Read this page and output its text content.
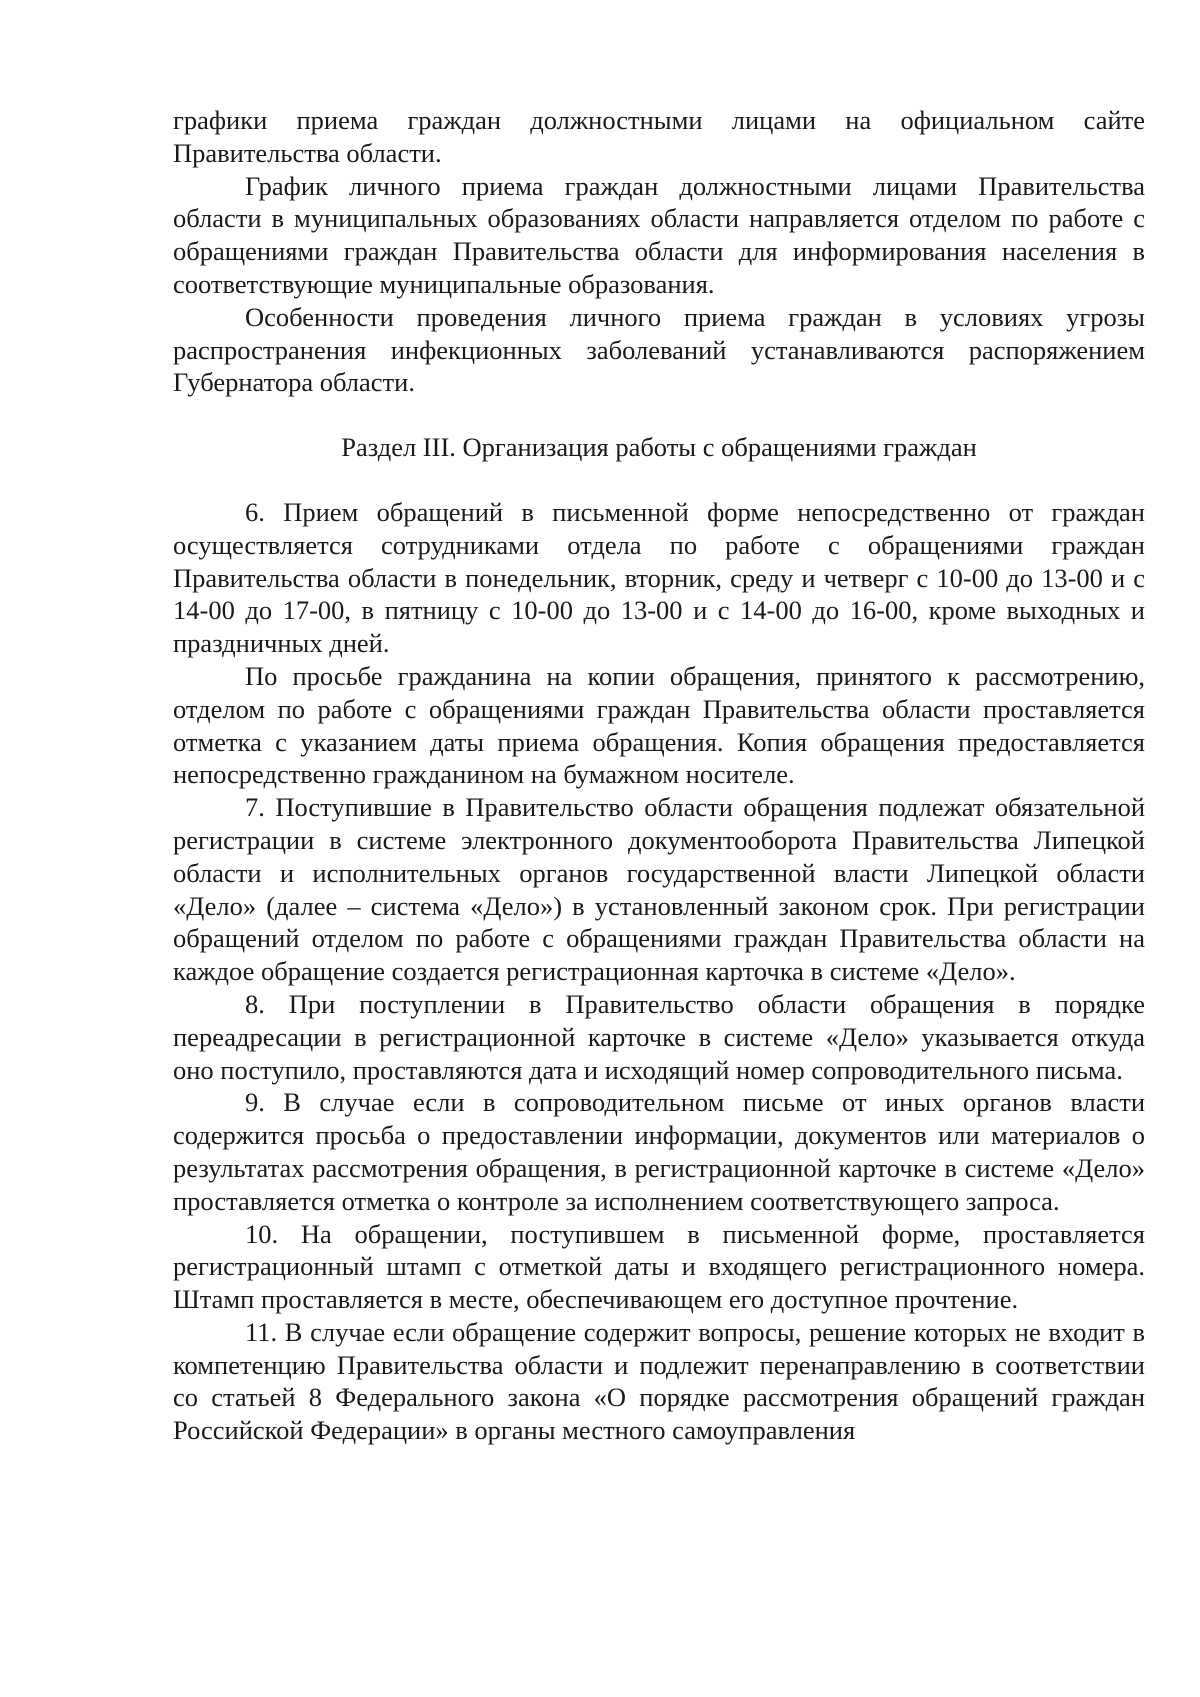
графики приема граждан должностными лицами на официальном сайте Правительства области.

График личного приема граждан должностными лицами Правительства области в муниципальных образованиях области направляется отделом по работе с обращениями граждан Правительства области для информирования населения в соответствующие муниципальные образования.

Особенности проведения личного приема граждан в условиях угрозы распространения инфекционных заболеваний устанавливаются распоряжением Губернатора области.

Раздел III. Организация работы с обращениями граждан

6. Прием обращений в письменной форме непосредственно от граждан осуществляется сотрудниками отдела по работе с обращениями граждан Правительства области в понедельник, вторник, среду и четверг с 10-00 до 13-00 и с 14-00 до 17-00, в пятницу с 10-00 до 13-00 и с 14-00 до 16-00, кроме выходных и праздничных дней.

По просьбе гражданина на копии обращения, принятого к рассмотрению, отделом по работе с обращениями граждан Правительства области проставляется отметка с указанием даты приема обращения. Копия обращения предоставляется непосредственно гражданином на бумажном носителе.

7. Поступившие в Правительство области обращения подлежат обязательной регистрации в системе электронного документооборота Правительства Липецкой области и исполнительных органов государственной власти Липецкой области «Дело» (далее – система «Дело») в установленный законом срок. При регистрации обращений отделом по работе с обращениями граждан Правительства области на каждое обращение создается регистрационная карточка в системе «Дело».

8. При поступлении в Правительство области обращения в порядке переадресации в регистрационной карточке в системе «Дело» указывается откуда оно поступило, проставляются дата и исходящий номер сопроводительного письма.

9. В случае если в сопроводительном письме от иных органов власти содержится просьба о предоставлении информации, документов или материалов о результатах рассмотрения обращения, в регистрационной карточке в системе «Дело» проставляется отметка о контроле за исполнением соответствующего запроса.

10. На обращении, поступившем в письменной форме, проставляется регистрационный штамп с отметкой даты и входящего регистрационного номера. Штамп проставляется в месте, обеспечивающем его доступное прочтение.

11. В случае если обращение содержит вопросы, решение которых не входит в компетенцию Правительства области и подлежит перенаправлению в соответствии со статьей 8 Федерального закона «О порядке рассмотрения обращений граждан Российской Федерации» в органы местного самоуправления
